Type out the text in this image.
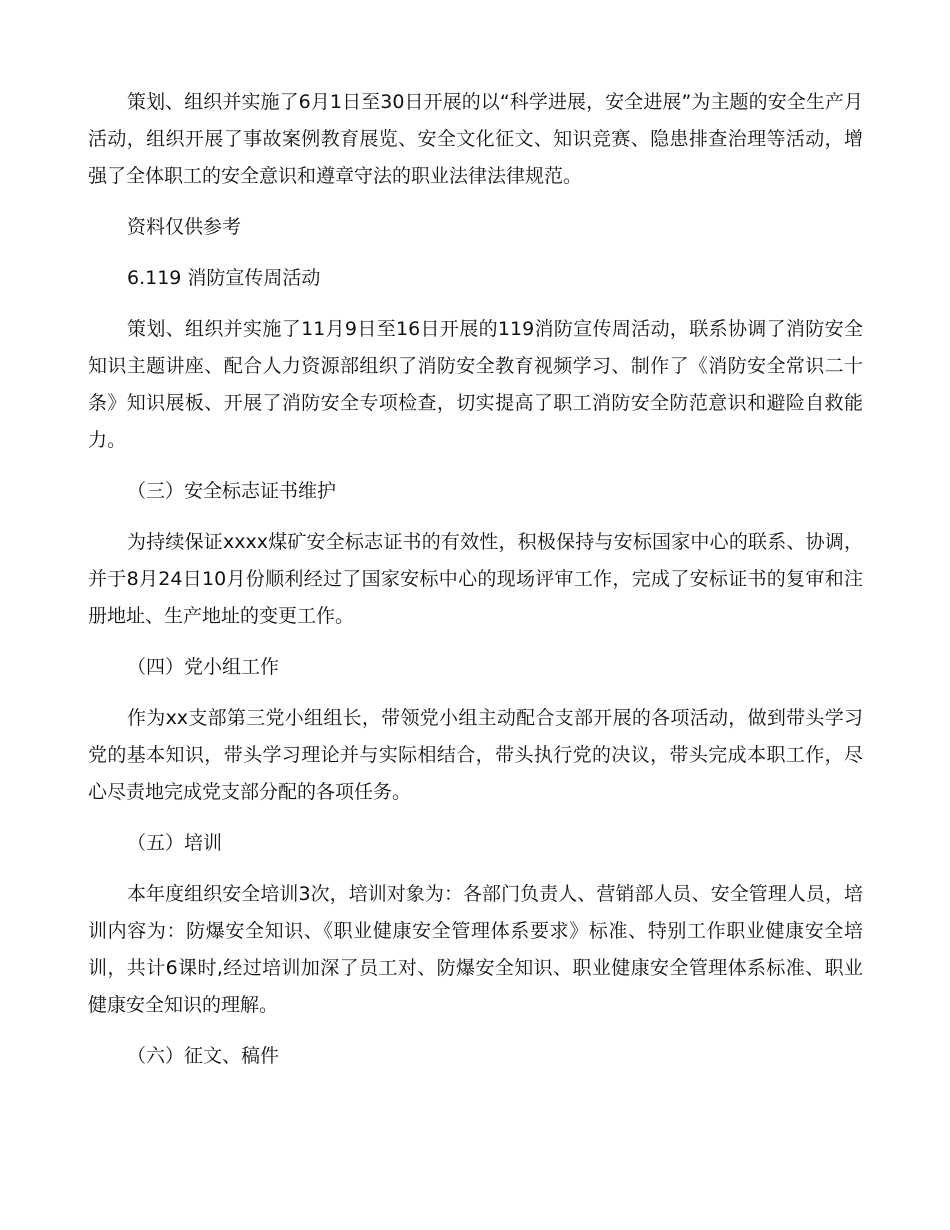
策划、组织并实施了6月1日至30日开展的以“科学进展，安全进展”为主题的安全生产月活动，组织开展了事故案例教育展览、安全文化征文、知识竞赛、隐患排查治理等活动，增强了全体职工的安全意识和遵章守法的职业法律法律规范。

资料仅供参考

6.119 消防宣传周活动

策划、组织并实施了11月9日至16日开展的119消防宣传周活动，联系协调了消防安全知识主题讲座、配合人力资源部组织了消防安全教育视频学习、制作了《消防安全常识二十条》知识展板、开展了消防安全专项检查，切实提高了职工消防安全防范意识和避险自救能力。

（三）安全标志证书维护

为持续保证xxxx煤矿安全标志证书的有效性，积极保持与安标国家中心的联系、协调，并于8月24日10月份顺利经过了国家安标中心的现场评审工作，完成了安标证书的复审和注册地址、生产地址的变更工作。

（四）党小组工作

作为xx支部第三党小组组长，带领党小组主动配合支部开展的各项活动，做到带头学习党的基本知识，带头学习理论并与实际相结合，带头执行党的决议，带头完成本职工作，尽心尽责地完成党支部分配的各项任务。

（五）培训

本年度组织安全培训3次，培训对象为：各部门负责人、营销部人员、安全管理人员，培训内容为：防爆安全知识、《职业健康安全管理体系要求》标准、特别工作职业健康安全培训，共计6课时,经过培训加深了员工对、防爆安全知识、职业健康安全管理体系标准、职业健康安全知识的理解。

（六）征文、稿件
